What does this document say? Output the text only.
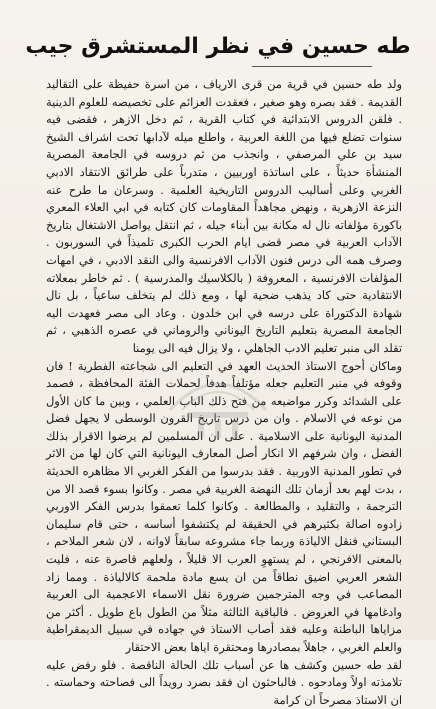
طه حسين في نظر المستشرق جيب

ولد طه حسين في قرية من قرى الارياف ، من اسرة حفيظة على التقاليد القديمة . فقد بصره وهو صغير ، فعقدت العزائم على تخصيصه للعلوم الدينية . فلقن الدروس الابتدائية في كتاب القرية ، ثم دخل الازهر ، فقضى فيه سنوات تضلع فيها من اللغة العربية ، واطلع ميله لآدابها تحت اشراف الشيخ سيد بن علي المرصفي ، وانجذب من ثم دروسه في الجامعة المصرية المنشأة حديثاً ، على اساتذة اوربيين ، متدرباً على طرائق الانتقاد الادبي الغربي وعلى أساليب الدروس التاريخية العلمية . وسرعان ما طرح عنه النزعة الازهرية ، ونهض مجاهداً المقاومات كان كتابه في ابي العلاء المعري باكورة مؤلفاته نال له مكانة بين أبناء جيله ، ثم انتقل يواصل الاشتغال بتاريخ الآداب العربية في مصر قضى ايام الحرب الكبرى تلميذاً في السوربون . وصرف همه الى درس فنون الآداب الافرنسية والى النقد الادبي ، في امهات المؤلفات الافرنسية ، المعروفة ( بالكلاسيك والمدرسية ) . ثم خاطر بمعلاته الانتقادية حتى كاد يذهب ضحية لها ، ومع ذلك لم يتخلف ساعياً ، بل نال شهادة الدكتوراة على درسه في ابن خلدون . وعاد الى مصر فعهدت اليه الجامعة المصرية بتعليم التاريخ اليوناني والروماني في عصره الذهبي ، ثم تقلد الى منبر تعليم الادب الجاهلي ، ولا يزال فيه الى يومنا

وماكان أحوج الاستاذ الحديث العهد في التعليم الى شجاعته الفطرية ! فان وقوفه في منبر التعليم جعله مؤتلفاً هدفاً لحملات الفئة المحافظة ، فصمد على الشدائد وكرر مواضيعه من فتح ذلك الباب العلمي ، وبين ما كان الأول من نوعه في الاسلام . وان من درس تاريخ القرون الوسطى لا يجهل فضل المدنية اليونانية على الاسلامية . على ان المسلمين لم يرضوا الاقرار بذلك الفضل ، وان شرفهم الا انكار أصل المعارف اليونانية التي كان لها من الاثر في تطور المدنية الاوربية . فقد بدرسوا من الفكر الغربي الا مظاهره الحديثة ، بدت لهم بعد أزمان تلك النهضة الغربية في مصر . وكانوا بسوء قصد الا من الترجمة ، والتقليد ، والمطالعة . وكانوا كلما تعمقوا بدرس الفكر الاوربي زادوه اصالة بكثيرهم في الحقيقة لم يكتشفوا أساسه ، حتى قام سليمان البستاني فنقل الالياذة وربما جاء مشروعه سابقاً لاوانه ، لان شعر الملاحم ، بالمعنى الافرنجي ، لم يستهوِ العرب الا قليلاً ، ولعلهم قاصرة عنه ، فليت الشعر العربي اضيق نطاقاً من ان يسع مادة ملحمة كالالياذة . ومما زاد المصاعب في وجه المترجمين ضرورة نقل الاسماء الاعجمية الى العربية وادغامها في العروض . فالباقية الثالثة مثلاً من الطول باع طويل . أكثر من مزاياها الباطنة وعليه فقد أصاب الاستاذ في جهاده في سبيل الديمقراطية والعلم الغربي ، جاهلاً بمصادرها ومحتقرة اياها بعض الاحتقار

لقد طه حسين وكشف ها عن أسباب تلك الحالة الناقصة . فلو رفض عليه تلامذته اولاً ومادحوه . فالباحثون ان فقد بصرد رويداً الى فصاحته وحماسته . ان الاستاذ مصرحاً ان كرامة
